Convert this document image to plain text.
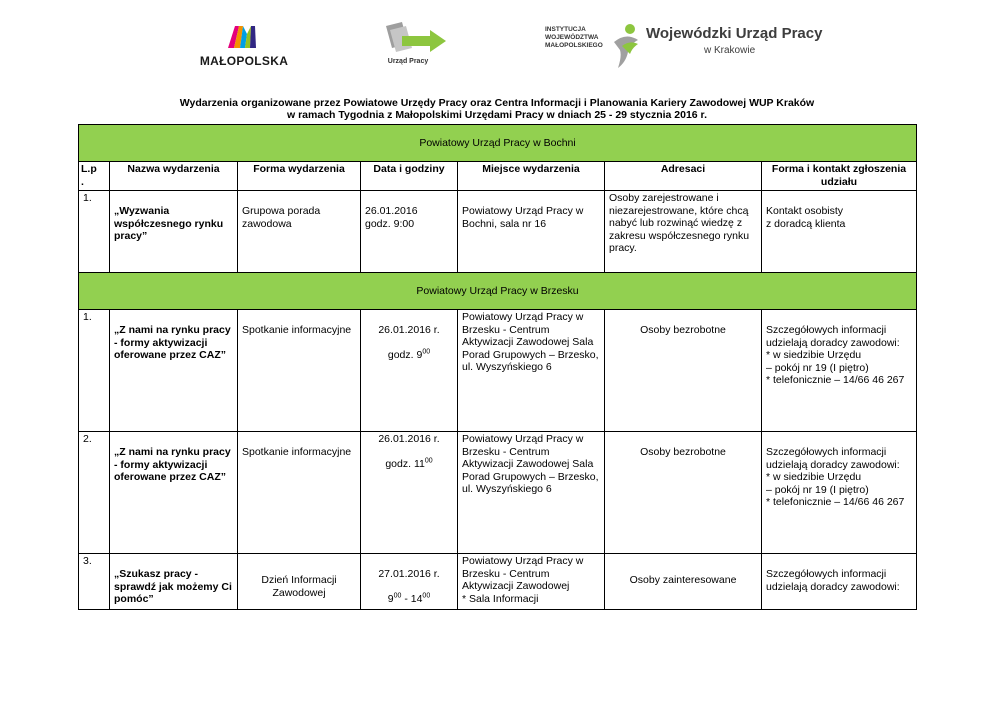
MAŁOPOLSKA	Urząd Pracy
INSTYTUCJA
WOJEWÓDZTWA
MAŁOPOLSKIEGO
Wojewódzki Urząd Pracy
w Krakowie
Wydarzenia organizowane przez Powiatowe Urzędy Pracy oraz Centra Informacji i Planowania Kariery Zawodowej WUP Kraków
w ramach Tygodnia z Małopolskimi Urzędami Pracy w dniach 25 - 29 stycznia 2016 r.
Powiatowy Urząd Pracy w Bochni						
L.p
.	Nazwa wydarzenia	Forma wydarzenia	Data i godziny	Miejsce wydarzenia	Adresaci	Forma i kontakt zgłoszenia udziału
1.	„Wyzwania współczesnego rynku pracy”	Grupowa porada zawodowa	26.01.2016
godz. 9:00	Powiatowy Urząd Pracy w Bochni, sala nr 16	Osoby zarejestrowane i niezarejestrowane, które chcą nabyć lub rozwinąć wiedzę z zakresu współczesnego rynku pracy.	Kontakt osobisty
z doradcą klienta
Powiatowy Urząd Pracy w Brzesku						
1.	„Z nami na rynku pracy - formy aktywizacji oferowane przez CAZ”	Spotkanie informacyjne	26.01.2016 r.

godz. $9^{00}$	Powiatowy Urząd Pracy w Brzesku - Centrum Aktywizacji Zawodowej Sala Porad Grupowych – Brzesko, ul. Wyszyńskiego 6	Osoby bezrobotne	Szczegółowych informacji udzielają doradcy zawodowi:
* w siedzibie Urzędu
– pokój nr 19 (I piętro)
* telefonicznie – 14/66 46 267
2.	„Z nami na rynku pracy - formy aktywizacji oferowane przez CAZ”	Spotkanie informacyjne	26.01.2016 r.

godz. $11^{00}$	Powiatowy Urząd Pracy w Brzesku - Centrum Aktywizacji Zawodowej Sala Porad Grupowych – Brzesko, ul. Wyszyńskiego 6	Osoby bezrobotne	Szczegółowych informacji udzielają doradcy zawodowi:
* w siedzibie Urzędu
– pokój nr 19 (I piętro)
* telefonicznie – 14/66 46 267
3.	„Szukasz pracy - sprawdź jak możemy Ci pomóc”	Dzień Informacji Zawodowej	27.01.2016 r.

$9^{00} - 14^{00}$	Powiatowy Urząd Pracy w Brzesku - Centrum Aktywizacji Zawodowej
* Sala Informacji	Osoby zainteresowane	Szczegółowych informacji udzielają doradcy zawodowi:
